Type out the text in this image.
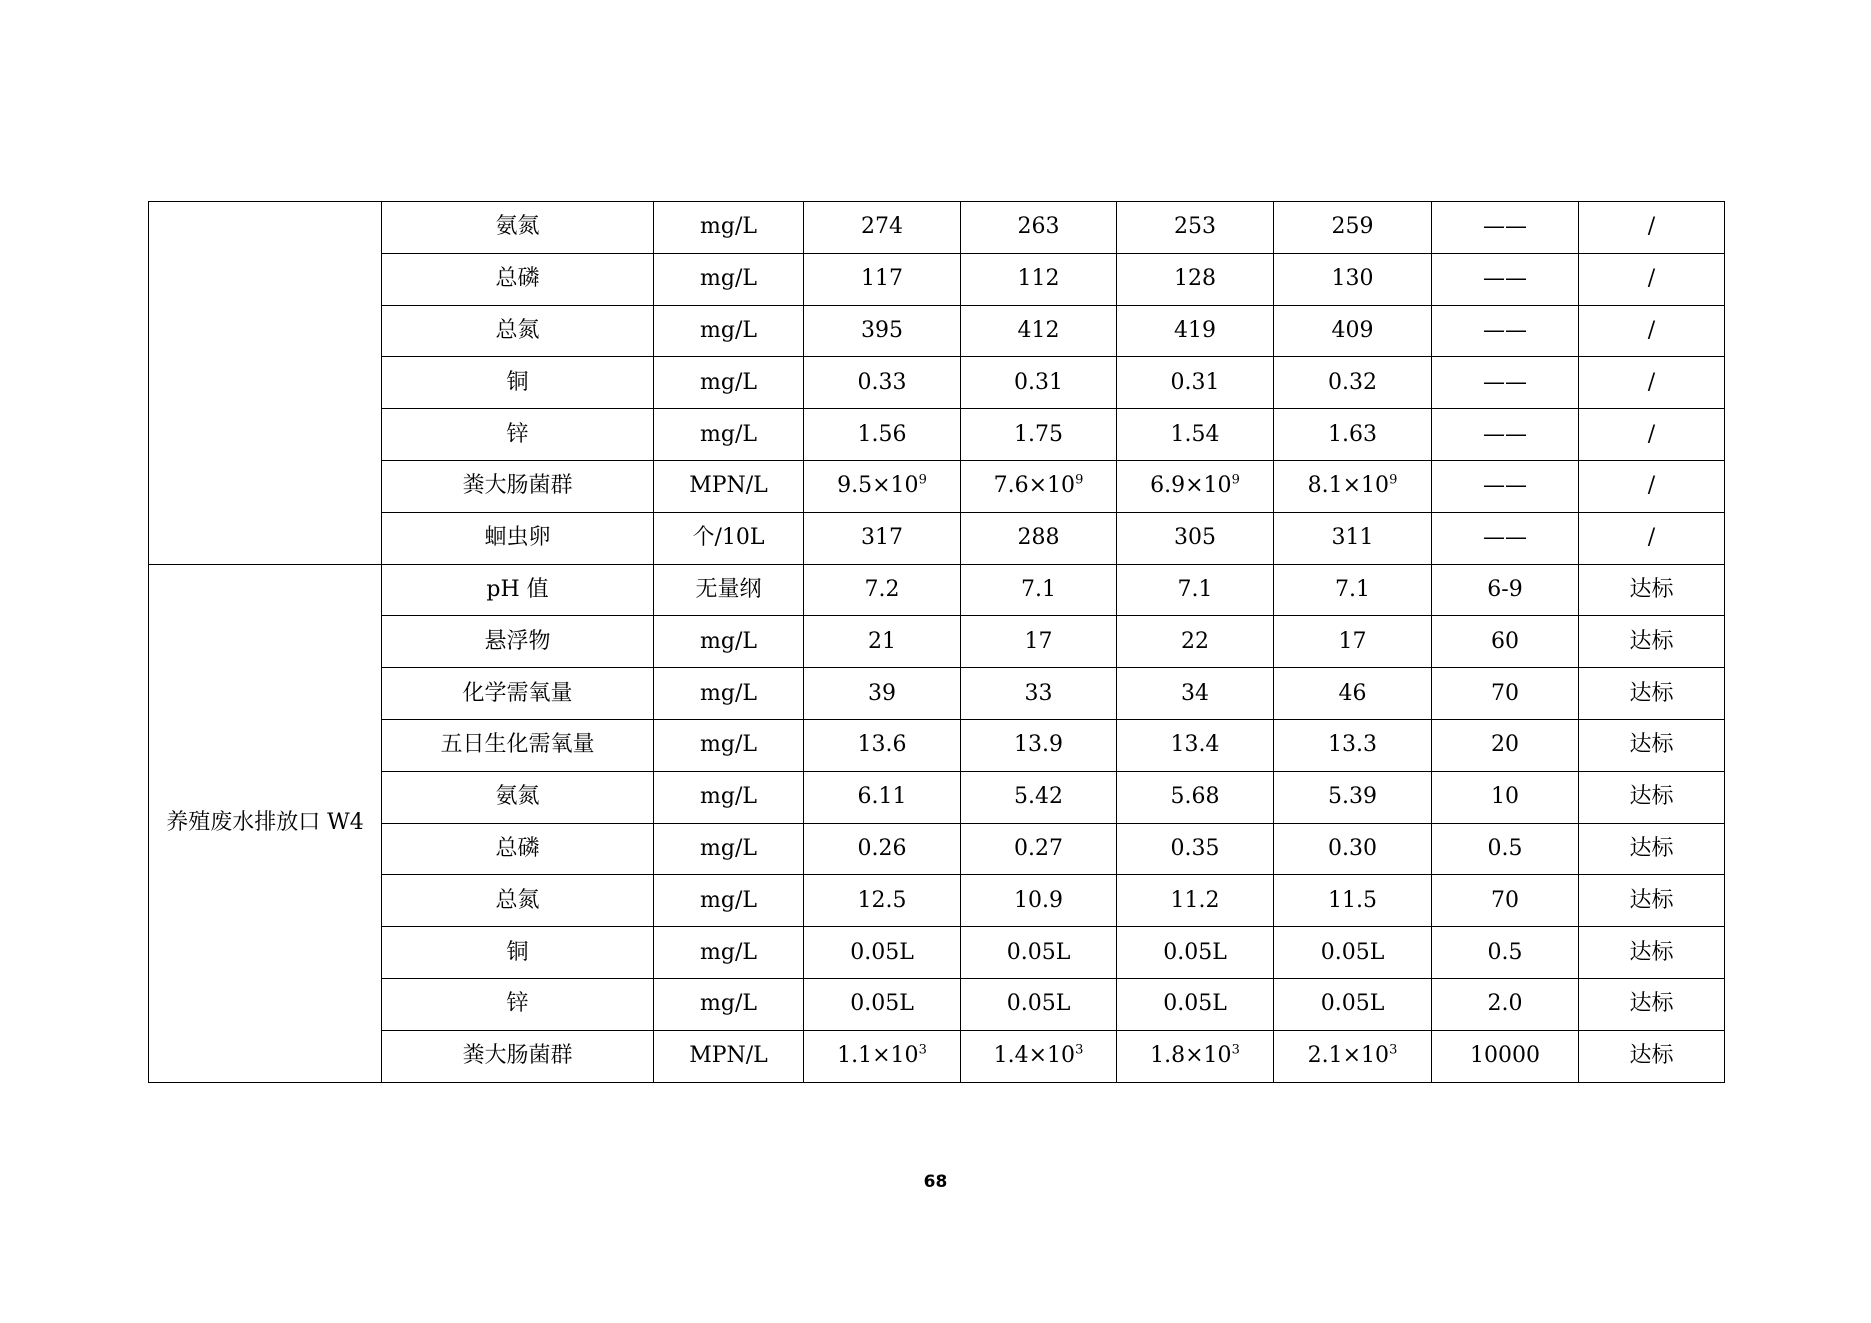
	氨氮	mg/L	274	263	253	259	——	/
	总磷	mg/L	117	112	128	130	——	/
	总氮	mg/L	395	412	419	409	——	/
	铜	mg/L	0.33	0.31	0.31	0.32	——	/
	锌	mg/L	1.56	1.75	1.54	1.63	——	/
	粪大肠菌群	MPN/L	$9.5\times 10^9$	$7.6\times 10^9$	$6.9\times 10^9$	$8.1\times 10^9$	——	/
	蛔虫卵	个/10L	317	288	305	311	——	/
养殖废水排放口 W4	pH 值	无量纲	7.2	7.1	7.1	7.1	6-9	达标
	悬浮物	mg/L	21	17	22	17	60	达标
	化学需氧量	mg/L	39	33	34	46	70	达标
	五日生化需氧量	mg/L	13.6	13.9	13.4	13.3	20	达标
	氨氮	mg/L	6.11	5.42	5.68	5.39	10	达标
	总磷	mg/L	0.26	0.27	0.35	0.30	0.5	达标
	总氮	mg/L	12.5	10.9	11.2	11.5	70	达标
	铜	mg/L	0.05L	0.05L	0.05L	0.05L	0.5	达标
	锌	mg/L	0.05L	0.05L	0.05L	0.05L	2.0	达标
	粪大肠菌群	MPN/L	$1.1\times 10^3$	$1.4\times 10^3$	$1.8\times 10^3$	$2.1\times 10^3$	10000	达标
68
